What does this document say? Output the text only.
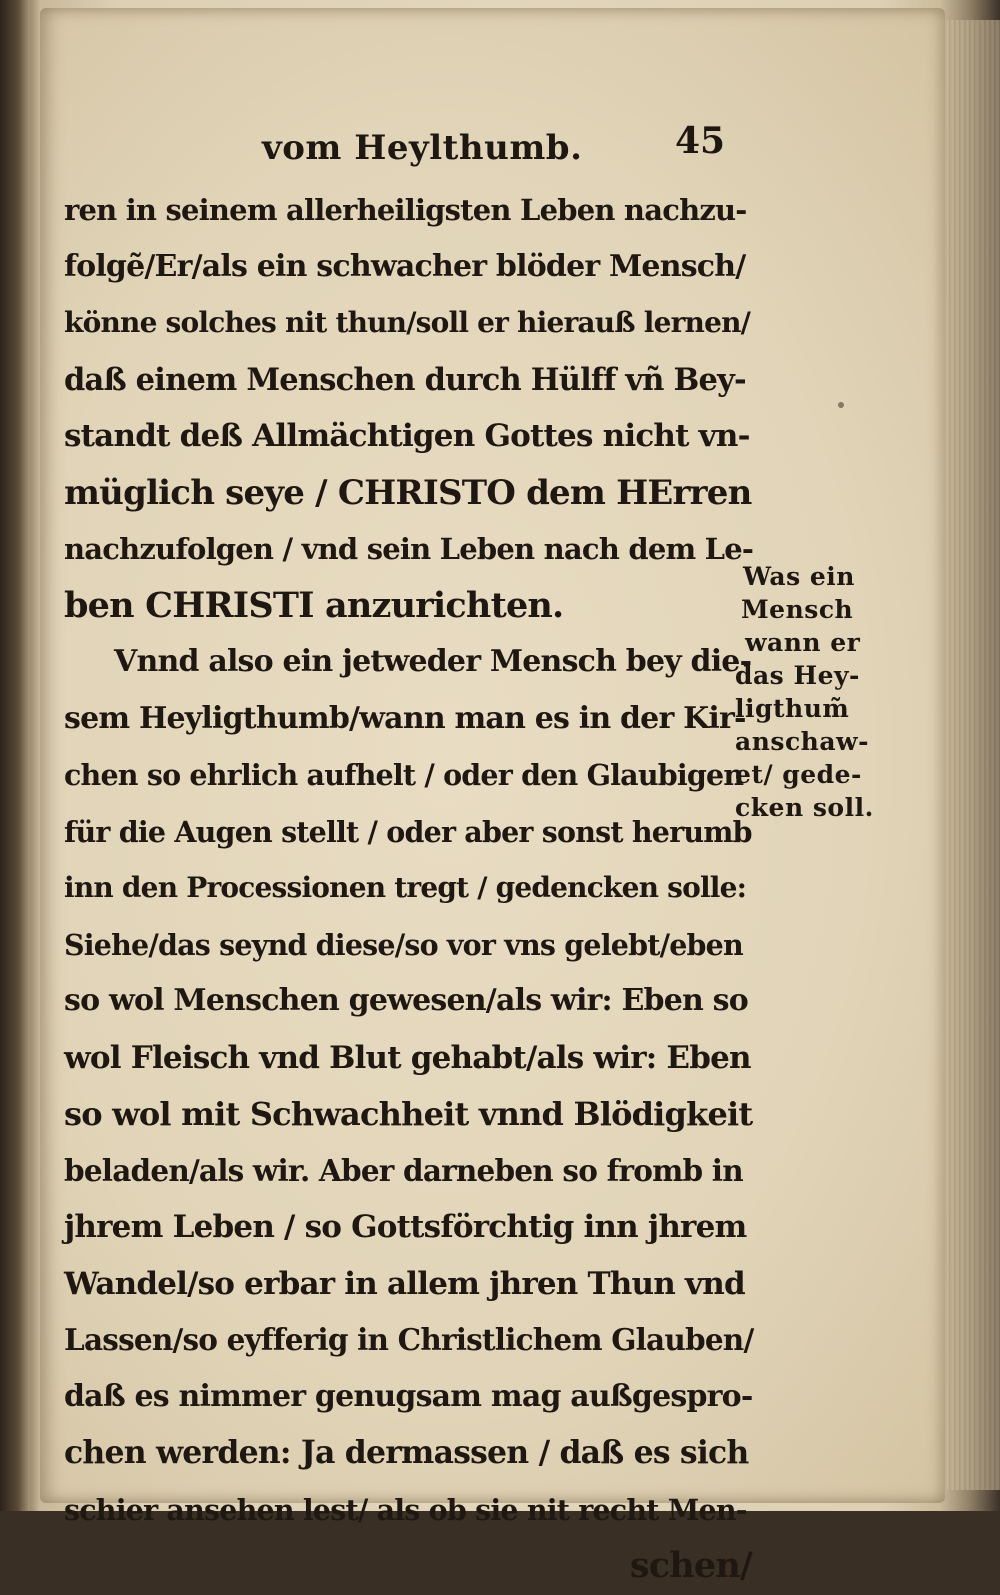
vom Heylthumb.	45
ren in seinem allerheiligsten Leben nachzu-
folgẽ/Er/als ein schwacher blöder Mensch/
könne solches nit thun/soll er hierauß lernen/
daß einem Menschen durch Hülff vñ Bey-
standt deß Allmächtigen Gottes nicht vn-
müglich seye / CHRISTO dem HErren
nachzufolgen / vnd sein Leben nach dem Le-
ben CHRISTI anzurichten.
Vnnd also ein jetweder Mensch bey die-
sem Heyligthumb/wann man es in der Kir-
chen so ehrlich aufhelt / oder den Glaubigen
für die Augen stellt / oder aber sonst herumb
inn den Processionen tregt / gedencken solle:
Siehe/das seynd diese/so vor vns gelebt/eben
so wol Menschen gewesen/als wir: Eben so
wol Fleisch vnd Blut gehabt/als wir: Eben
so wol mit Schwachheit vnnd Blödigkeit
beladen/als wir. Aber darneben so fromb in
jhrem Leben / so Gottsförchtig inn jhrem
Wandel/so erbar in allem jhren Thun vnd
Lassen/so eyfferig in Christlichem Glauben/
daß es nimmer genugsam mag außgespro-
chen werden: Ja dermassen / daß es sich
schier ansehen lest/ als ob sie nit recht Men-
schen/
Was ein
Mensch
wann er
das Hey-
ligthum̃
anschaw-
et/ gede-
cken soll.
